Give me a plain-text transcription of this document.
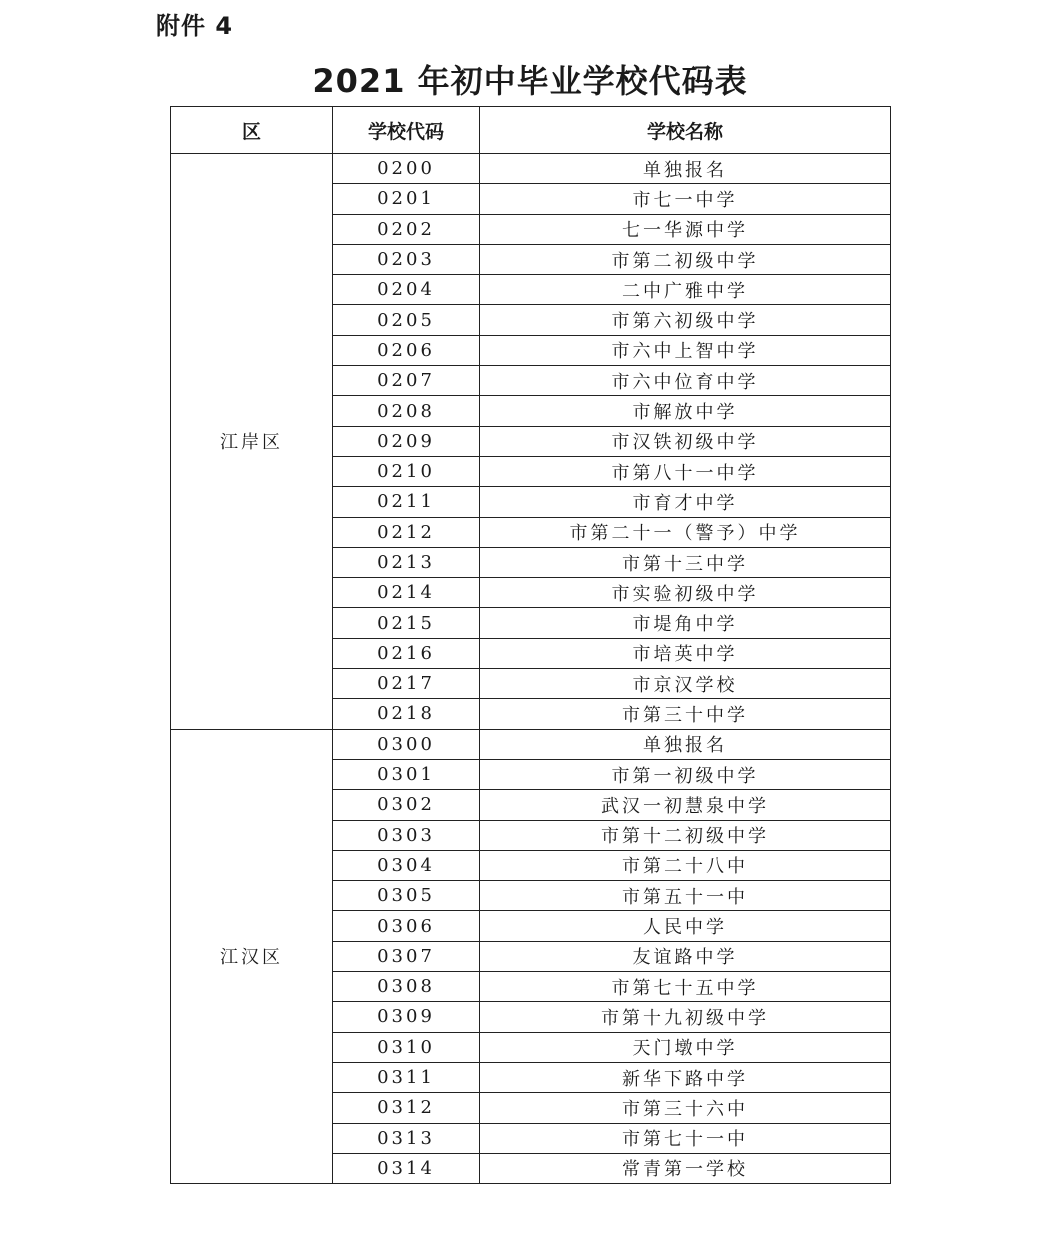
附件 4
2021 年初中毕业学校代码表
区	学校代码	学校名称
江岸区	0200	单独报名
	0201	市七一中学
	0202	七一华源中学
	0203	市第二初级中学
	0204	二中广雅中学
	0205	市第六初级中学
	0206	市六中上智中学
	0207	市六中位育中学
	0208	市解放中学
	0209	市汉铁初级中学
	0210	市第八十一中学
	0211	市育才中学
	0212	市第二十一（警予）中学
	0213	市第十三中学
	0214	市实验初级中学
	0215	市堤角中学
	0216	市培英中学
	0217	市京汉学校
	0218	市第三十中学
江汉区	0300	单独报名
	0301	市第一初级中学
	0302	武汉一初慧泉中学
	0303	市第十二初级中学
	0304	市第二十八中
	0305	市第五十一中
	0306	人民中学
	0307	友谊路中学
	0308	市第七十五中学
	0309	市第十九初级中学
	0310	天门墩中学
	0311	新华下路中学
	0312	市第三十六中
	0313	市第七十一中
	0314	常青第一学校
